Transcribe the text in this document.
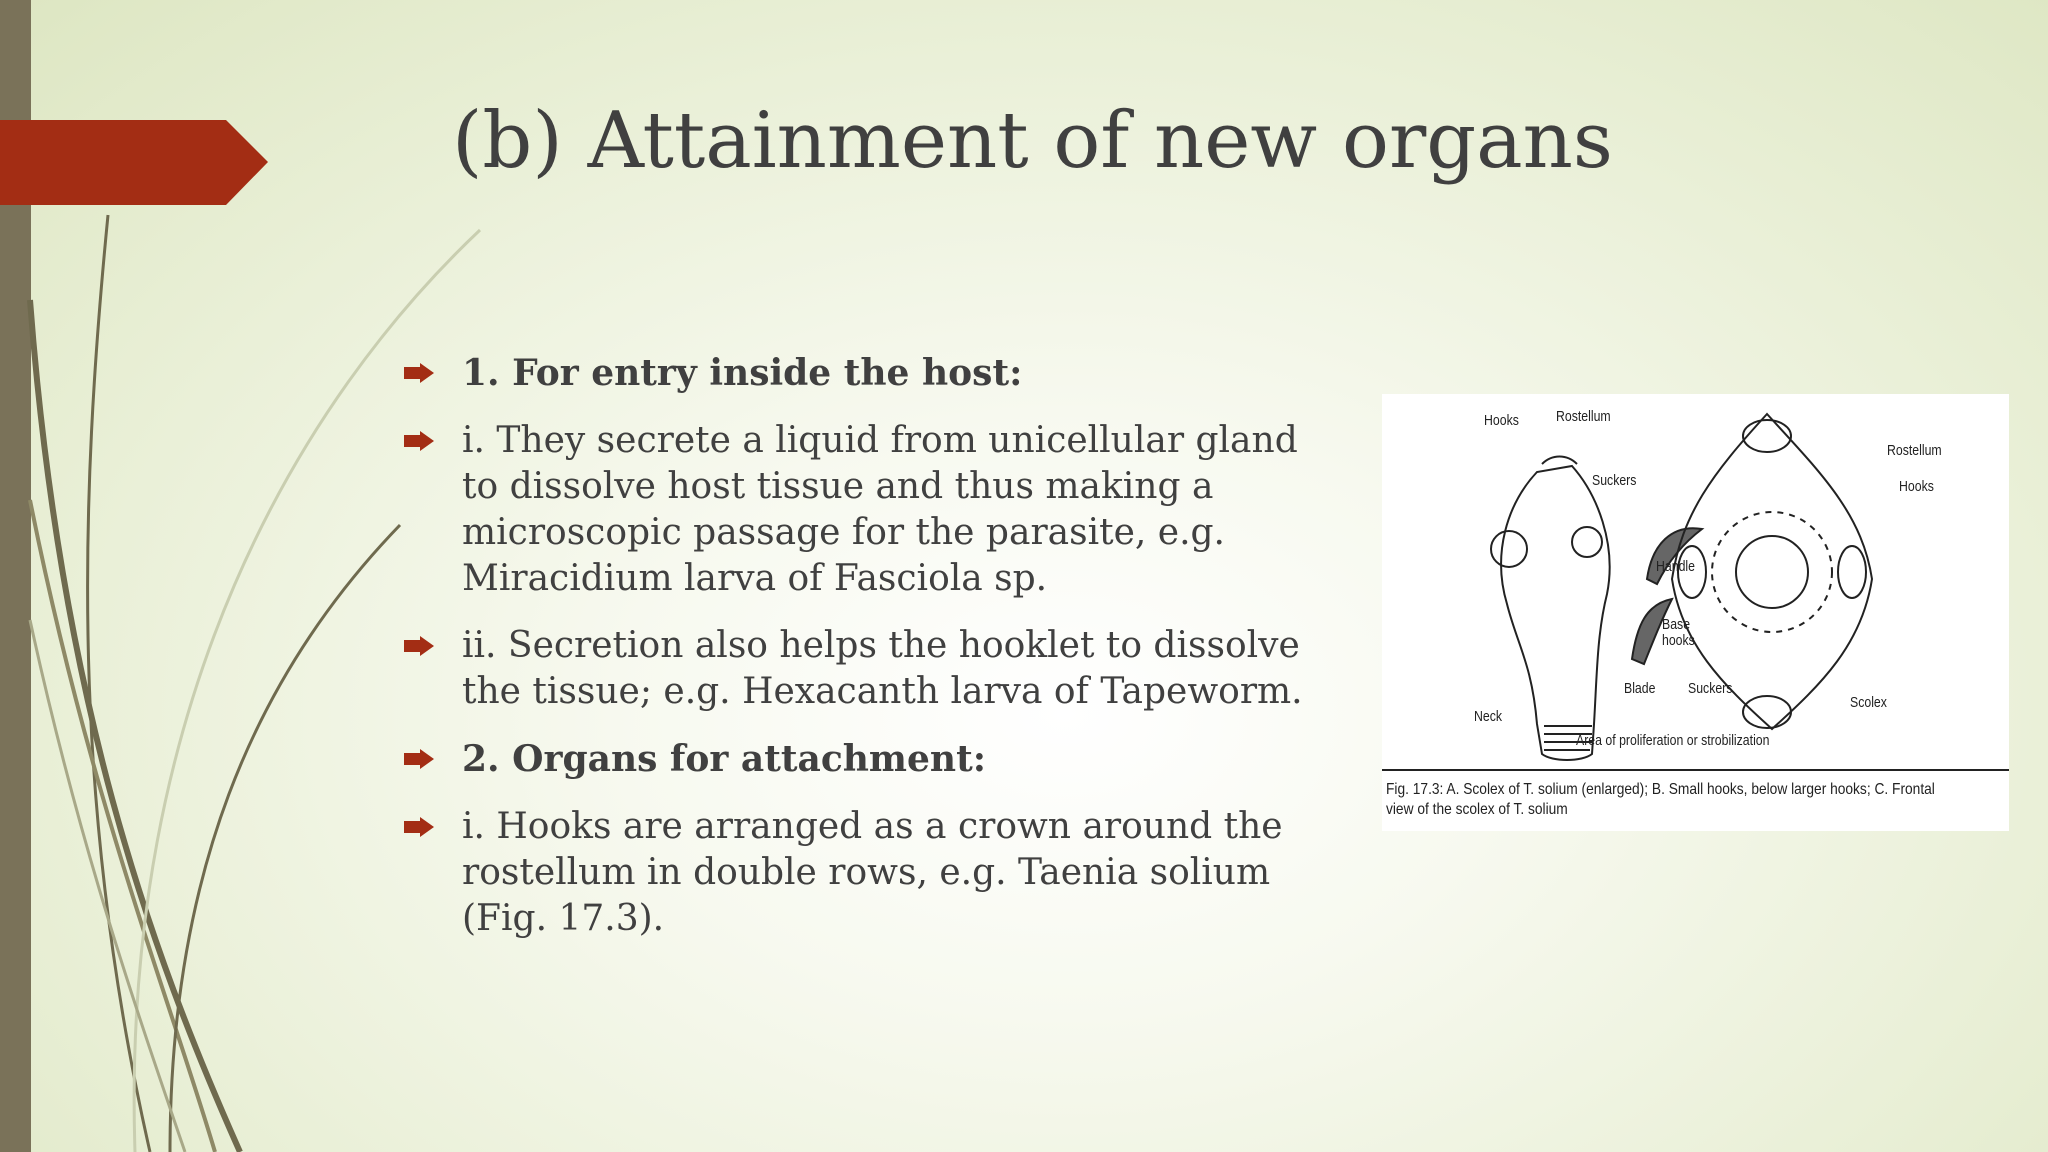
(b) Attainment of new organs
1. For entry inside the host:
i. They secrete a liquid from unicellular gland to dissolve host tissue and thus making a microscopic passage for the parasite, e.g. Miracidium larva of Fasciola sp.
ii. Secretion also helps the hooklet to dissolve the tissue; e.g. Hexacanth larva of Tapeworm.
2. Organs for attachment:
i. Hooks are arranged as a crown around the rostellum in double rows, e.g. Taenia solium (Fig. 17.3).
Hooks Rostellum
Suckers
Handle
Base hooks
Blade Suckers
Neck
Area of proliferation or strobilization
Rostellum
Hooks
Scolex
Fig. 17.3: A. Scolex of T. solium (enlarged); B. Small hooks, below larger hooks; C. Frontal view of the scolex of T. solium
